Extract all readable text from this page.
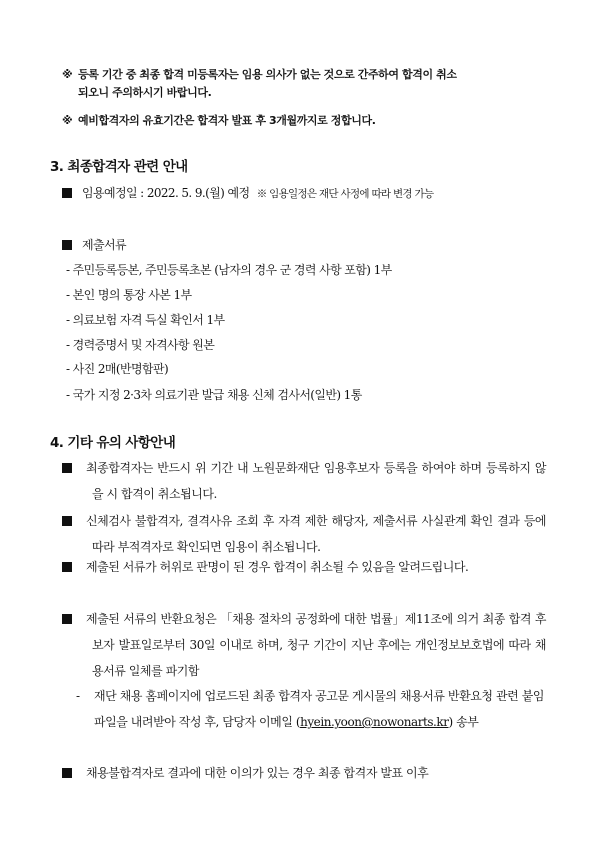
※ 등록 기간 중 최종 합격 미등록자는 임용 의사가 없는 것으로 간주하여 합격이 취소
되오니 주의하시기 바랍니다.
※ 예비합격자의 유효기간은 합격자 발표 후 3개월까지로 정합니다.
3. 최종합격자 관련 안내
임용예정일 : 2022. 5. 9.(월) 예정 ※ 임용일정은 재단 사정에 따라 변경 가능
제출서류
- 주민등록등본, 주민등록초본 (남자의 경우 군 경력 사항 포함) 1부
- 본인 명의 통장 사본 1부
- 의료보험 자격 득실 확인서 1부
- 경력증명서 및 자격사항 원본
- 사진 2매(반명함판)
- 국가 지정 2·3차 의료기관 발급 채용 신체 검사서(일반) 1통
4. 기타 유의 사항안내
최종합격자는 반드시 위 기간 내 노원문화재단 임용후보자 등록을 하여야 하며 등록하지 않을 시 합격이 취소됩니다.
신체검사 불합격자, 결격사유 조회 후 자격 제한 해당자, 제출서류 사실관계 확인 결과 등에 따라 부적격자로 확인되면 임용이 취소됩니다.
제출된 서류가 허위로 판명이 된 경우 합격이 취소될 수 있음을 알려드립니다.
제출된 서류의 반환요청은 「채용 절차의 공정화에 대한 법률」제11조에 의거 최종 합격 후보자 발표일로부터 30일 이내로 하며, 청구 기간이 지난 후에는 개인정보보호법에 따라 채용서류 일체를 파기함
-	재단 채용 홈페이지에 업로드된 최종 합격자 공고문 게시물의 채용서류 반환요청 관련 붙임파일을 내려받아 작성 후, 담당자 이메일 (hyein.yoon@nowonarts.kr) 송부
채용불합격자로 결과에 대한 이의가 있는 경우 최종 합격자 발표 이후
